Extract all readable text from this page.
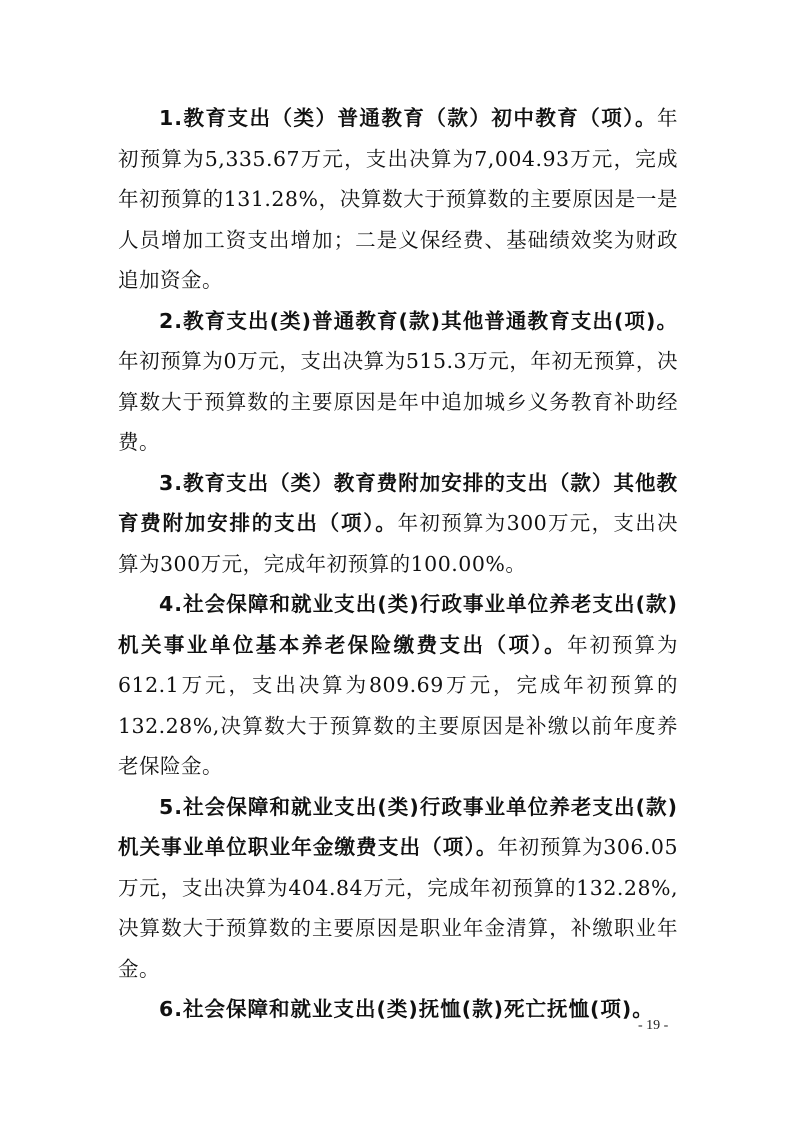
1.教育支出（类）普通教育（款）初中教育（项）。年初预算为5,335.67万元，支出决算为7,004.93万元，完成年初预算的131.28%，决算数大于预算数的主要原因是一是人员增加工资支出增加；二是义保经费、基础绩效奖为财政追加资金。

2.教育支出(类)普通教育(款)其他普通教育支出(项)。年初预算为0万元，支出决算为515.3万元，年初无预算，决算数大于预算数的主要原因是年中追加城乡义务教育补助经费。

3.教育支出（类）教育费附加安排的支出（款）其他教育费附加安排的支出（项）。年初预算为300万元，支出决算为300万元，完成年初预算的100.00%。

4.社会保障和就业支出(类)行政事业单位养老支出(款)机关事业单位基本养老保险缴费支出（项）。年初预算为612.1万元，支出决算为809.69万元，完成年初预算的132.28%,决算数大于预算数的主要原因是补缴以前年度养老保险金。

5.社会保障和就业支出(类)行政事业单位养老支出(款)机关事业单位职业年金缴费支出（项）。年初预算为306.05万元，支出决算为404.84万元，完成年初预算的132.28%,决算数大于预算数的主要原因是职业年金清算，补缴职业年金。

6.社会保障和就业支出(类)抚恤(款)死亡抚恤(项)。

- 19 -
